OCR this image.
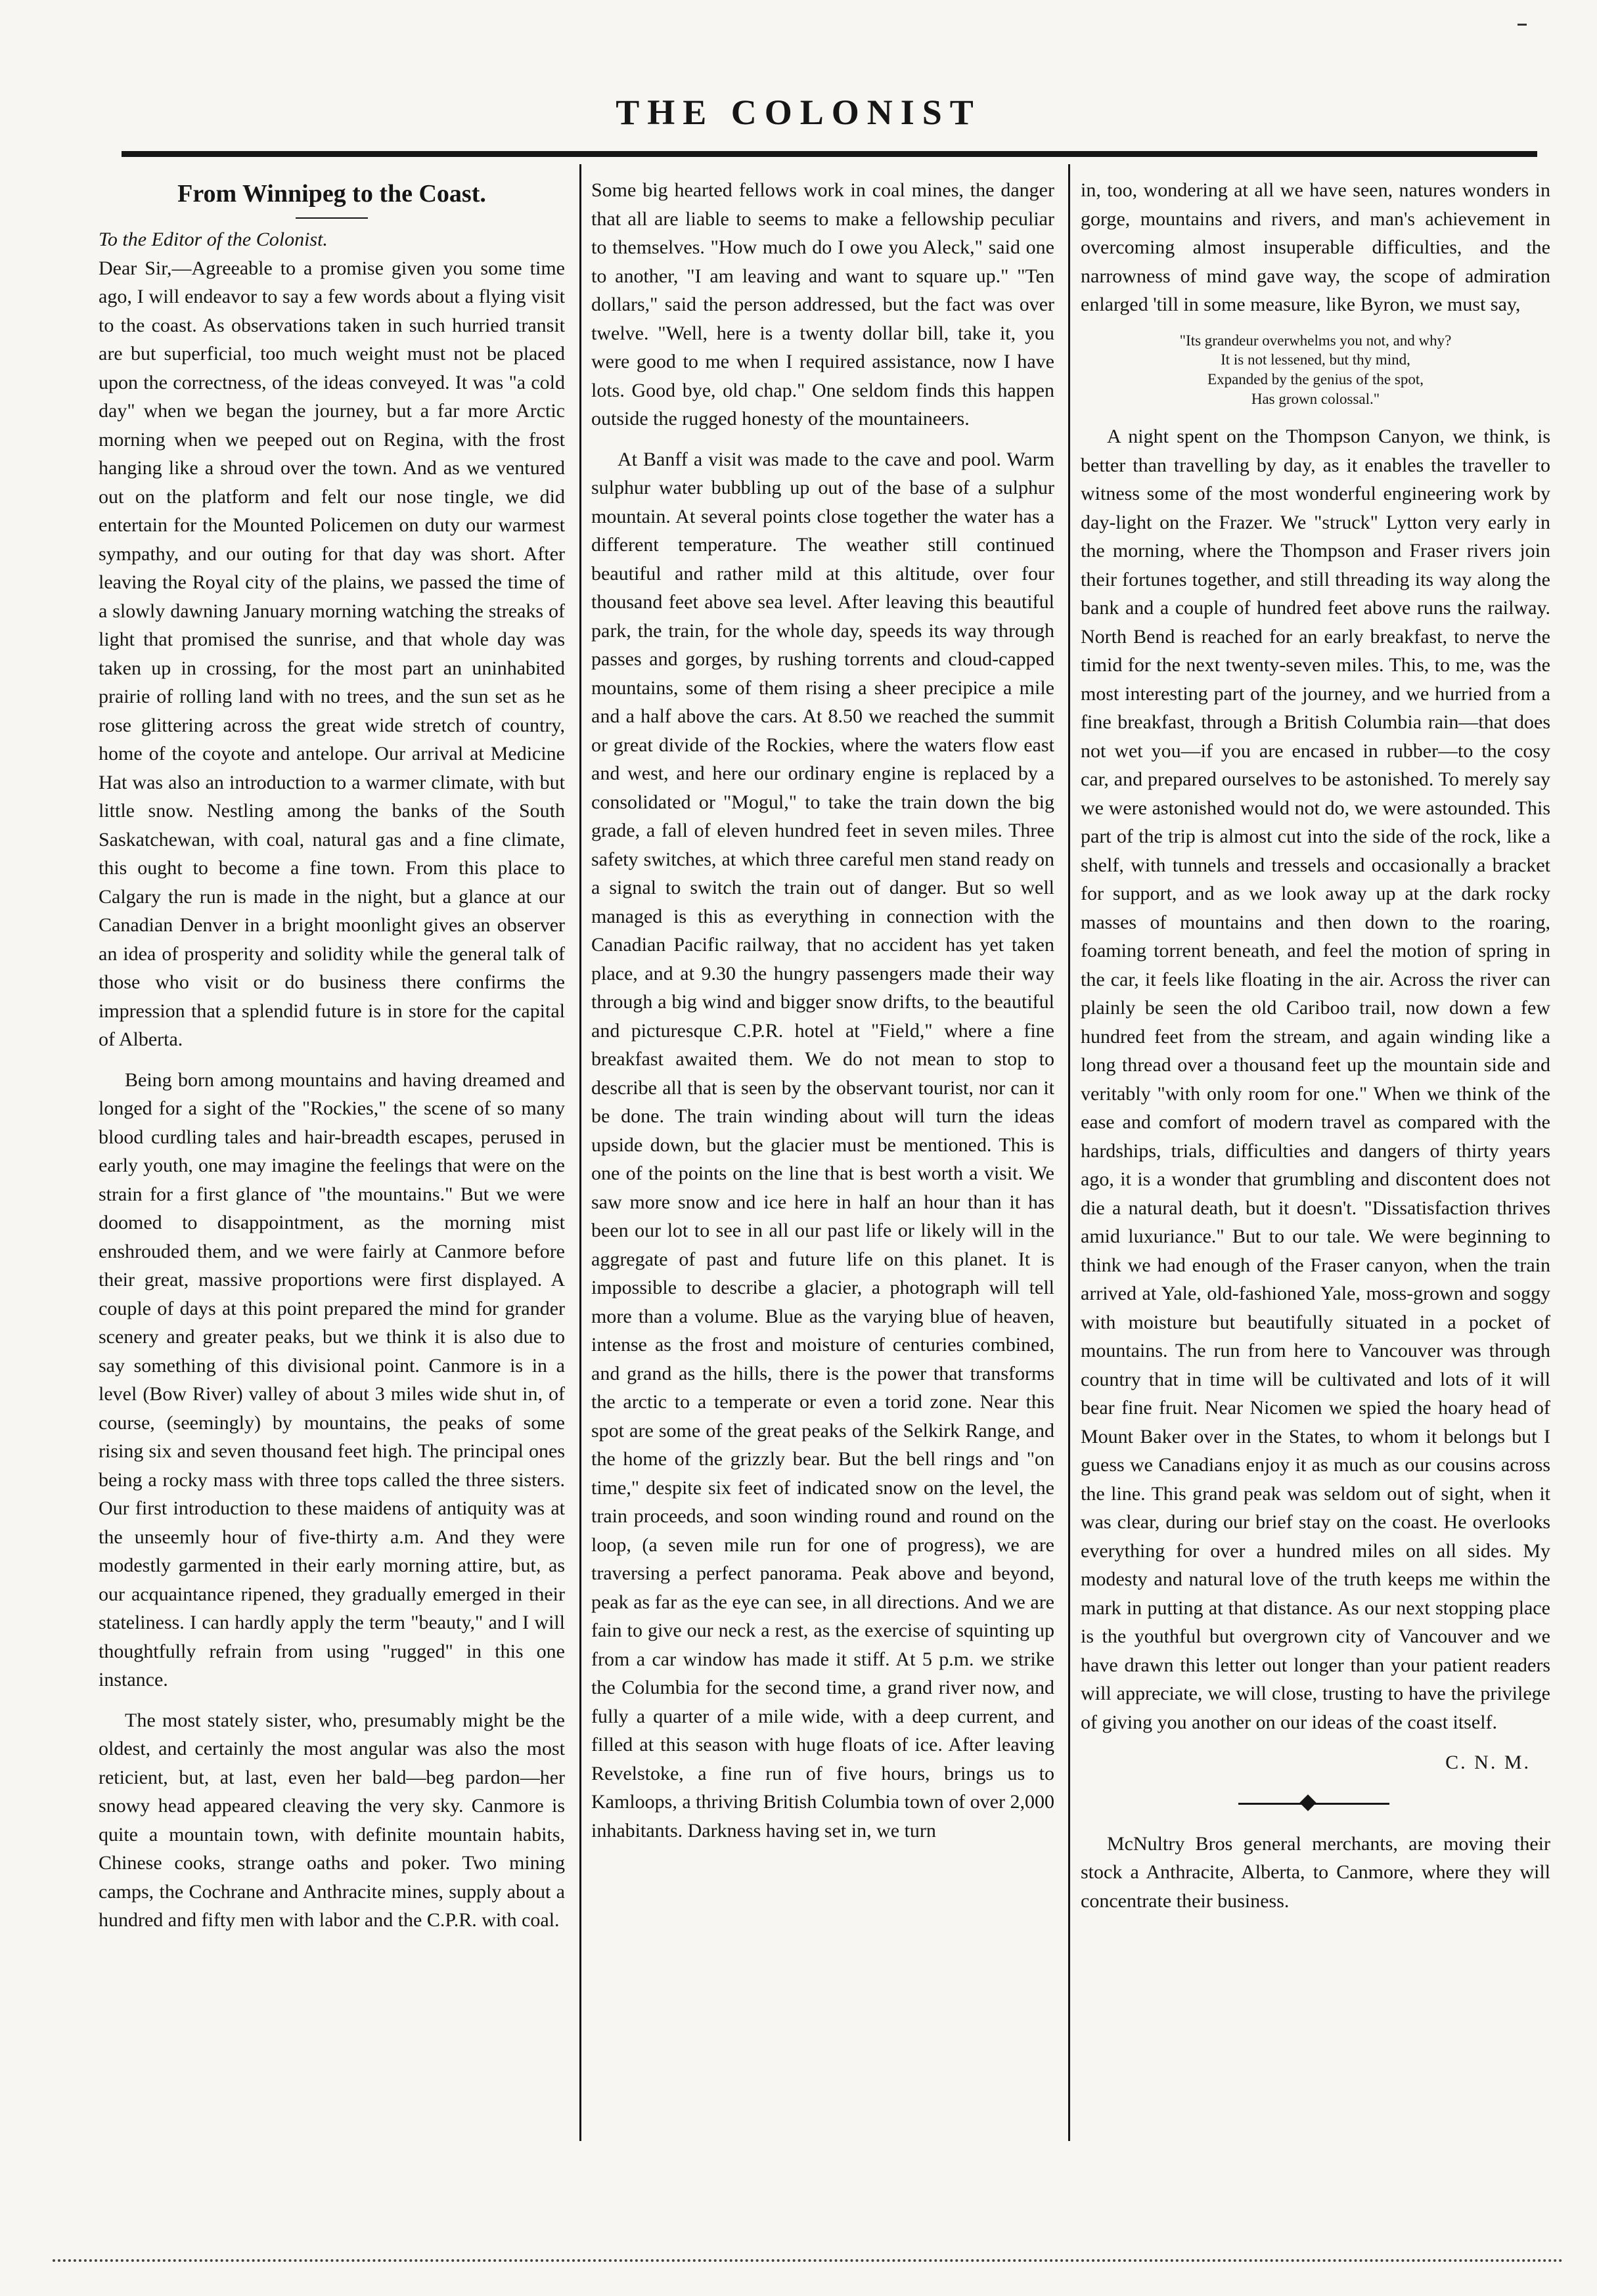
THE COLONIST
From Winnipeg to the Coast.

To the Editor of the Colonist.

Dear Sir,—Agreeable to a promise given you some time ago, I will endeavor to say a few words about a flying visit to the coast. As observations taken in such hurried transit are but superficial, too much weight must not be placed upon the correctness, of the ideas conveyed. It was "a cold day" when we began the journey, but a far more Arctic morning when we peeped out on Regina, with the frost hanging like a shroud over the town. And as we ventured out on the platform and felt our nose tingle, we did entertain for the Mounted Policemen on duty our warmest sympathy, and our outing for that day was short. After leaving the Royal city of the plains, we passed the time of a slowly dawning January morning watching the streaks of light that promised the sunrise, and that whole day was taken up in crossing, for the most part an uninhabited prairie of rolling land with no trees, and the sun set as he rose glittering across the great wide stretch of country, home of the coyote and antelope. Our arrival at Medicine Hat was also an introduction to a warmer climate, with but little snow. Nestling among the banks of the South Saskatchewan, with coal, natural gas and a fine climate, this ought to become a fine town. From this place to Calgary the run is made in the night, but a glance at our Canadian Denver in a bright moonlight gives an observer an idea of prosperity and solidity while the general talk of those who visit or do business there confirms the impression that a splendid future is in store for the capital of Alberta.

Being born among mountains and having dreamed and longed for a sight of the "Rockies," the scene of so many blood curdling tales and hair-breadth escapes, perused in early youth, one may imagine the feelings that were on the strain for a first glance of "the mountains." But we were doomed to disappointment, as the morning mist enshrouded them, and we were fairly at Canmore before their great, massive proportions were first displayed. A couple of days at this point prepared the mind for grander scenery and greater peaks, but we think it is also due to say something of this divisional point. Canmore is in a level (Bow River) valley of about 3 miles wide shut in, of course, (seemingly) by mountains, the peaks of some rising six and seven thousand feet high. The principal ones being a rocky mass with three tops called the three sisters. Our first introduction to these maidens of antiquity was at the unseemly hour of five-thirty a.m. And they were modestly garmented in their early morning attire, but, as our acquaintance ripened, they gradually emerged in their stateliness. I can hardly apply the term "beauty," and I will thoughtfully refrain from using "rugged" in this one instance.

The most stately sister, who, presumably might be the oldest, and certainly the most angular was also the most reticient, but, at last, even her bald—beg pardon—her snowy head appeared cleaving the very sky. Canmore is quite a mountain town, with definite mountain habits, Chinese cooks, strange oaths and poker. Two mining camps, the Cochrane and Anthracite mines, supply about a hundred and fifty men with labor and the C.P.R. with coal.

Some big hearted fellows work in coal mines, the danger that all are liable to seems to make a fellowship peculiar to themselves. "How much do I owe you Aleck," said one to another, "I am leaving and want to square up." "Ten dollars," said the person addressed, but the fact was over twelve. "Well, here is a twenty dollar bill, take it, you were good to me when I required assistance, now I have lots. Good bye, old chap." One seldom finds this happen outside the rugged honesty of the mountaineers.

At Banff a visit was made to the cave and pool. Warm sulphur water bubbling up out of the base of a sulphur mountain. At several points close together the water has a different temperature. The weather still continued beautiful and rather mild at this altitude, over four thousand feet above sea level. After leaving this beautiful park, the train, for the whole day, speeds its way through passes and gorges, by rushing torrents and cloud-capped mountains, some of them rising a sheer precipice a mile and a half above the cars. At 8.50 we reached the summit or great divide of the Rockies, where the waters flow east and west, and here our ordinary engine is replaced by a consolidated or "Mogul," to take the train down the big grade, a fall of eleven hundred feet in seven miles. Three safety switches, at which three careful men stand ready on a signal to switch the train out of danger. But so well managed is this as everything in connection with the Canadian Pacific railway, that no accident has yet taken place, and at 9.30 the hungry passengers made their way through a big wind and bigger snow drifts, to the beautiful and picturesque C.P.R. hotel at "Field," where a fine breakfast awaited them. We do not mean to stop to describe all that is seen by the observant tourist, nor can it be done. The train winding about will turn the ideas upside down, but the glacier must be mentioned. This is one of the points on the line that is best worth a visit. We saw more snow and ice here in half an hour than it has been our lot to see in all our past life or likely will in the aggregate of past and future life on this planet. It is impossible to describe a glacier, a photograph will tell more than a volume. Blue as the varying blue of heaven, intense as the frost and moisture of centuries combined, and grand as the hills, there is the power that transforms the arctic to a temperate or even a torid zone. Near this spot are some of the great peaks of the Selkirk Range, and the home of the grizzly bear. But the bell rings and "on time," despite six feet of indicated snow on the level, the train proceeds, and soon winding round and round on the loop, (a seven mile run for one of progress), we are traversing a perfect panorama. Peak above and beyond, peak as far as the eye can see, in all directions. And we are fain to give our neck a rest, as the exercise of squinting up from a car window has made it stiff. At 5 p.m. we strike the Columbia for the second time, a grand river now, and fully a quarter of a mile wide, with a deep current, and filled at this season with huge floats of ice. After leaving Revelstoke, a fine run of five hours, brings us to Kamloops, a thriving British Columbia town of over 2,000 inhabitants. Darkness having set in, we turn

in, too, wondering at all we have seen, natures wonders in gorge, mountains and rivers, and man's achievement in overcoming almost insuperable difficulties, and the narrowness of mind gave way, the scope of admiration enlarged 'till in some measure, like Byron, we must say,

"Its grandeur overwhelms you not, and why?
It is not lessened, but thy mind,
Expanded by the genius of the spot,
Has grown colossal."

A night spent on the Thompson Canyon, we think, is better than travelling by day, as it enables the traveller to witness some of the most wonderful engineering work by day-light on the Frazer. We "struck" Lytton very early in the morning, where the Thompson and Fraser rivers join their fortunes together, and still threading its way along the bank and a couple of hundred feet above runs the railway. North Bend is reached for an early breakfast, to nerve the timid for the next twenty-seven miles. This, to me, was the most interesting part of the journey, and we hurried from a fine breakfast, through a British Columbia rain—that does not wet you—if you are encased in rubber—to the cosy car, and prepared ourselves to be astonished. To merely say we were astonished would not do, we were astounded. This part of the trip is almost cut into the side of the rock, like a shelf, with tunnels and tressels and occasionally a bracket for support, and as we look away up at the dark rocky masses of mountains and then down to the roaring, foaming torrent beneath, and feel the motion of spring in the car, it feels like floating in the air. Across the river can plainly be seen the old Cariboo trail, now down a few hundred feet from the stream, and again winding like a long thread over a thousand feet up the mountain side and veritably "with only room for one." When we think of the ease and comfort of modern travel as compared with the hardships, trials, difficulties and dangers of thirty years ago, it is a wonder that grumbling and discontent does not die a natural death, but it doesn't. "Dissatisfaction thrives amid luxuriance." But to our tale. We were beginning to think we had enough of the Fraser canyon, when the train arrived at Yale, old-fashioned Yale, moss-grown and soggy with moisture but beautifully situated in a pocket of mountains. The run from here to Vancouver was through country that in time will be cultivated and lots of it will bear fine fruit. Near Nicomen we spied the hoary head of Mount Baker over in the States, to whom it belongs but I guess we Canadians enjoy it as much as our cousins across the line. This grand peak was seldom out of sight, when it was clear, during our brief stay on the coast. He overlooks everything for over a hundred miles on all sides. My modesty and natural love of the truth keeps me within the mark in putting at that distance. As our next stopping place is the youthful but overgrown city of Vancouver and we have drawn this letter out longer than your patient readers will appreciate, we will close, trusting to have the privilege of giving you another on our ideas of the coast itself.

C. N. M.

McNultry Bros general merchants, are moving their stock a Anthracite, Alberta, to Canmore, where they will concentrate their business.
